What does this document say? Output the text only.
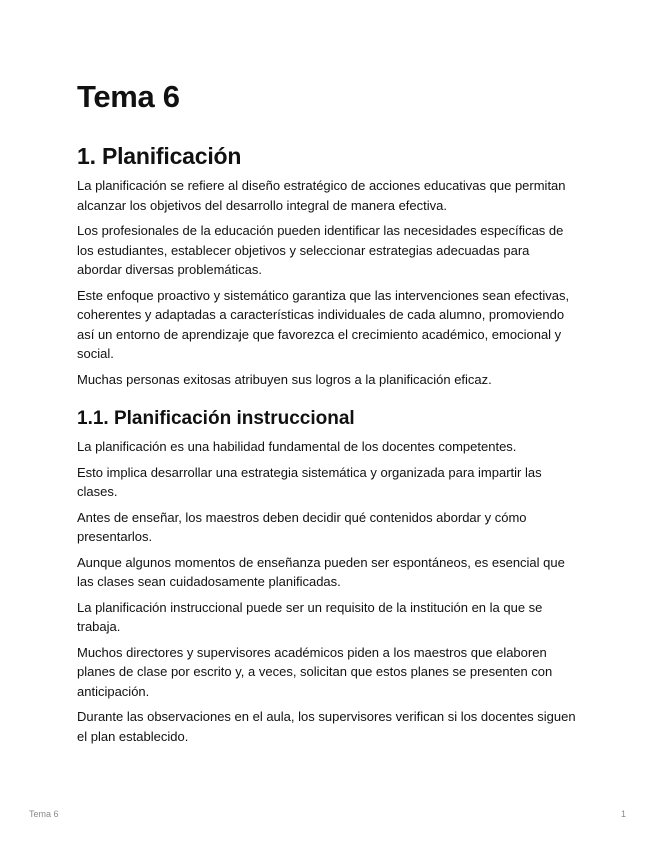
Tema 6
1. Planificación

La planificación se refiere al diseño estratégico de acciones educativas que permitan alcanzar los objetivos del desarrollo integral de manera efectiva.

Los profesionales de la educación pueden identificar las necesidades específicas de los estudiantes, establecer objetivos y seleccionar estrategias adecuadas para abordar diversas problemáticas.

Este enfoque proactivo y sistemático garantiza que las intervenciones sean efectivas, coherentes y adaptadas a características individuales de cada alumno, promoviendo así un entorno de aprendizaje que favorezca el crecimiento académico, emocional y social.

Muchas personas exitosas atribuyen sus logros a la planificación eficaz.

1.1. Planificación instruccional

La planificación es una habilidad fundamental de los docentes competentes.

Esto implica desarrollar una estrategia sistemática y organizada para impartir las clases.

Antes de enseñar, los maestros deben decidir qué contenidos abordar y cómo presentarlos.

Aunque algunos momentos de enseñanza pueden ser espontáneos, es esencial que las clases sean cuidadosamente planificadas.

La planificación instruccional puede ser un requisito de la institución en la que se trabaja.

Muchos directores y supervisores académicos piden a los maestros que elaboren planes de clase por escrito y, a veces, solicitan que estos planes se presenten con anticipación.

Durante las observaciones en el aula, los supervisores verifican si los docentes siguen el plan establecido.

Tema 6	1
